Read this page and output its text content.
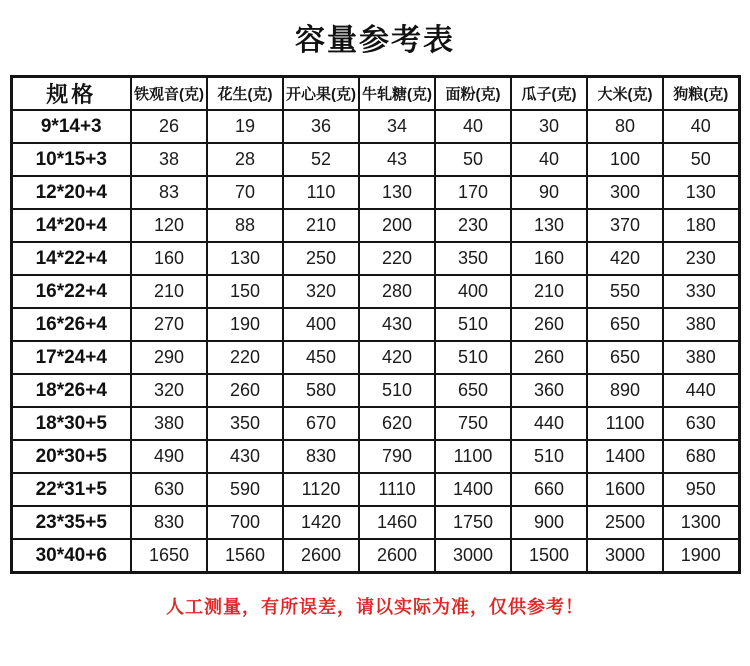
容量参考表
规格	铁观音(克)	花生(克)	开心果(克)	牛轧糖(克)	面粉(克)	瓜子(克)	大米(克)	狗粮(克)
9*14+3	26	19	36	34	40	30	80	40
10*15+3	38	28	52	43	50	40	100	50
12*20+4	83	70	110	130	170	90	300	130
14*20+4	120	88	210	200	230	130	370	180
14*22+4	160	130	250	220	350	160	420	230
16*22+4	210	150	320	280	400	210	550	330
16*26+4	270	190	400	430	510	260	650	380
17*24+4	290	220	450	420	510	260	650	380
18*26+4	320	260	580	510	650	360	890	440
18*30+5	380	350	670	620	750	440	1100	630
20*30+5	490	430	830	790	1100	510	1400	680
22*31+5	630	590	1120	1110	1400	660	1600	950
23*35+5	830	700	1420	1460	1750	900	2500	1300
30*40+6	1650	1560	2600	2600	3000	1500	3000	1900
人工测量，有所误差，请以实际为准，仅供参考！
